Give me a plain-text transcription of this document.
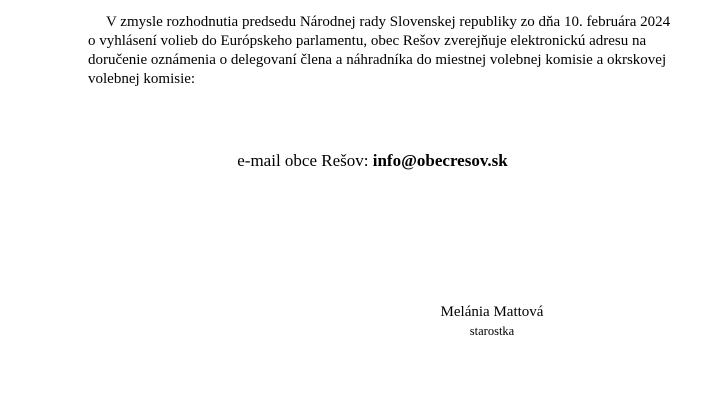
V zmysle rozhodnutia predsedu Národnej rady Slovenskej republiky zo dňa 10. februára 2024
o vyhlásení volieb do Európskeho parlamentu, obec Rešov zverejňuje elektronickú adresu na
doručenie oznámenia o delegovaní člena a náhradníka do miestnej volebnej komisie a okrskovej
volebnej komisie:

e-mail obce Rešov: info@obecresov.sk
Melánia Mattová
starostka
